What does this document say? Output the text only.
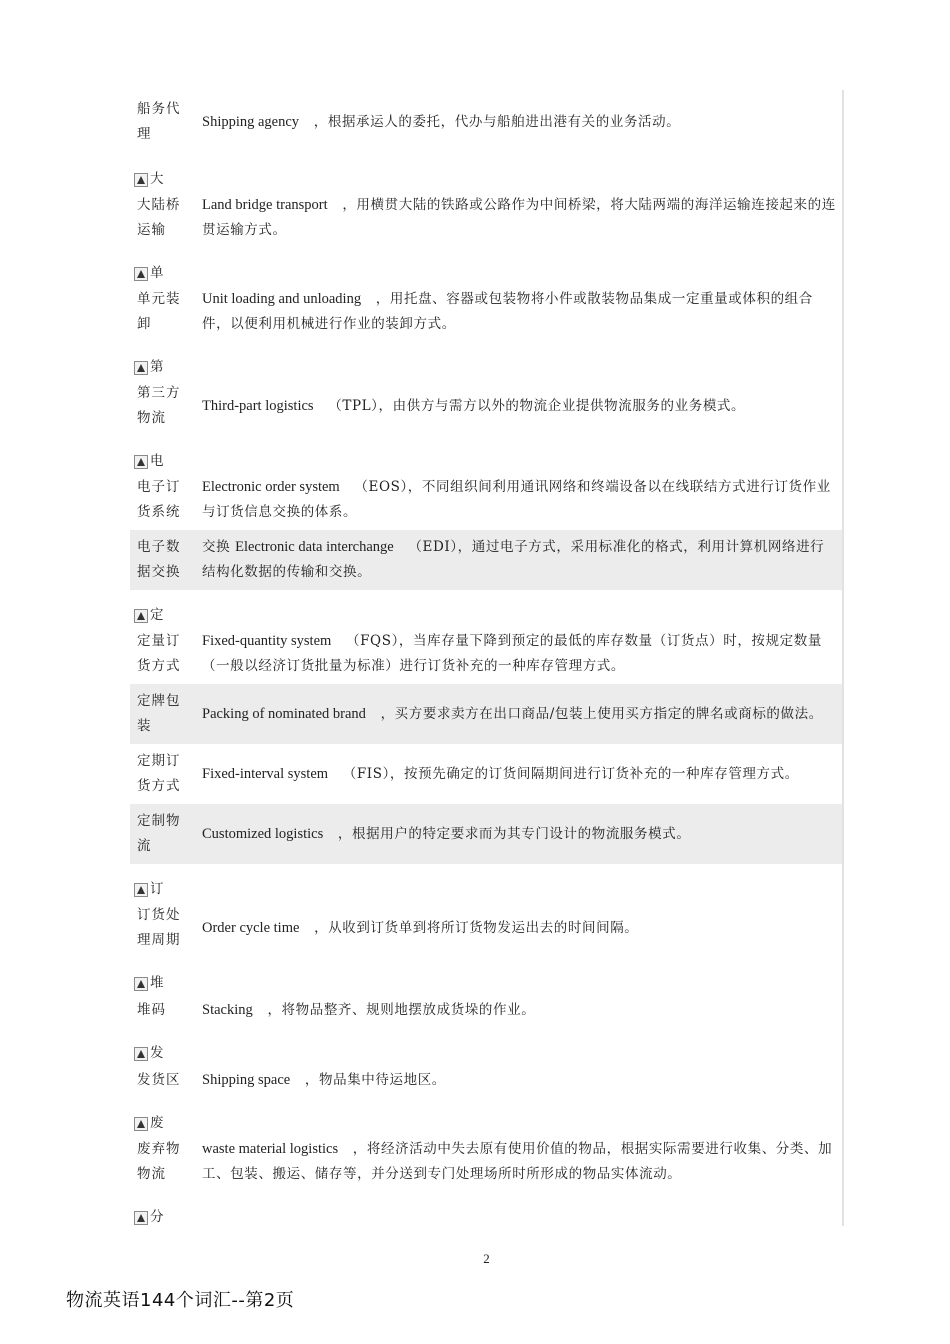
船务代理
Shipping agency ，根据承运人的委托，代办与船舶进出港有关的业务活动。
大
大陆桥运输
Land bridge transport ，用横贯大陆的铁路或公路作为中间桥梁，将大陆两端的海洋运输连接起来的连贯运输方式。
单
单元装卸
Unit loading and unloading ，用托盘、容器或包装物将小件或散装物品集成一定重量或体积的组合件，以便利用机械进行作业的装卸方式。
第
第三方物流
Third-part logistics （TPL），由供方与需方以外的物流企业提供物流服务的业务模式。
电
电子订货系统
Electronic order system （EOS），不同组织间利用通讯网络和终端设备以在线联结方式进行订货作业与订货信息交换的体系。
电子数据交换
交换 Electronic data interchange （EDI），通过电子方式，采用标准化的格式，利用计算机网络进行结构化数据的传输和交换。
定
定量订货方式
Fixed-quantity system （FQS），当库存量下降到预定的最低的库存数量（订货点）时，按规定数量（一般以经济订货批量为标准）进行订货补充的一种库存管理方式。
定牌包装
Packing of nominated brand ，买方要求卖方在出口商品/包装上使用买方指定的牌名或商标的做法。
定期订货方式
Fixed-interval system （FIS），按预先确定的订货间隔期间进行订货补充的一种库存管理方式。
定制物流
Customized logistics ，根据用户的特定要求而为其专门设计的物流服务模式。
订
订货处理周期
Order cycle time ，从收到订货单到将所订货物发运出去的时间间隔。
堆
堆码	Stacking ，将物品整齐、规则地摆放成货垛的作业。
发
发货区	Shipping space ，物品集中待运地区。
废
废弃物物流
waste material logistics ，将经济活动中失去原有使用价值的物品，根据实际需要进行收集、分类、加工、包装、搬运、储存等，并分送到专门处理场所时所形成的物品实体流动。
分
2
物流英语144个词汇--第2页
